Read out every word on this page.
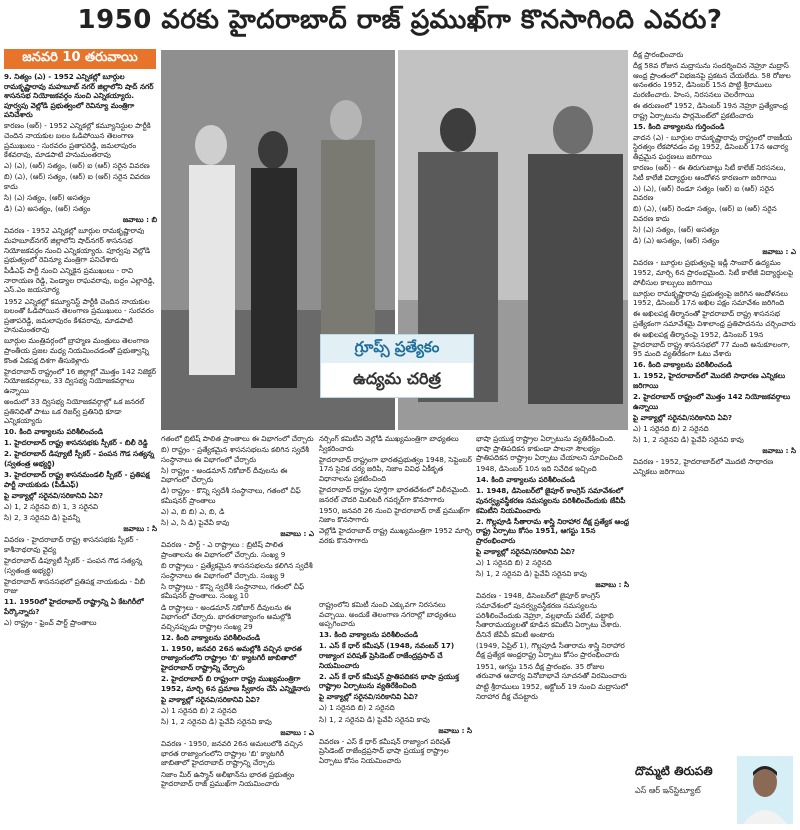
1950 వరకు హైదరాబాద్ రాజ్ ప్రముఖ్‌గా కొనసాగింది ఎవరు?
జనవరి 10 తరువాయి

9. నిత్యం (ఎ) - 1952 ఎన్నికల్లో బూర్గుల రామకృష్ణారావు మహబూబ్ నగర్ జిల్లాలోని షాద్ నగర్ శాసనసభ నియోజకవర్గం నుంచి ఎన్నికయ్యారు. పూర్వపు వెల్లోడి ప్రభుత్వంలో రెవిన్యూ మంత్రిగా పనిచేశారు

కారణం (ఆర్) - 1952 ఎన్నికల్లో కమ్యూనిస్టుల పార్టీకి చెందిన నాయకుల బలం ఓడిపోయిన తెలంగాణ ప్రముఖులు - సురవరం ప్రతాపరెడ్డి, జమలాపురం కేశవరావు, మాడపాటి హనుమంతరావు

ఎ) (ఎ), (ఆర్) సత్యం, (ఆర్) ఐ (ఆర్) సరైన వివరణ

బి) (ఎ), (ఆర్) సత్యం, (ఆర్) ఐ (ఆర్) సరైన వివరణ కాదు

సి) (ఎ) సత్యం, (ఆర్) అసత్యం

డి) (ఎ) అసత్యం, (ఆర్) సత్యం

జవాబు : బి

వివరణ - 1952 ఎన్నికల్లో బూర్గుల రామకృష్ణారావు మహబూబ్‌నగర్ జిల్లాలోని షాద్‌నగర్ శాసనసభ నియోజకవర్గం నుంచి ఎన్నికయ్యారు. పూర్వపు వెల్లోడి ప్రభుత్వంలో రెవిన్యూ మంత్రిగా పనిచేశారు

పీడీఎఫ్ పార్టీ నుంచి ఎన్నికైన ప్రముఖులు - రావి నారాయణ రెడ్డి, పెండ్యాల రాఘవరావు, బద్దం ఎల్లారెడ్డి, ఎస్.ఎం జయసూర్య

1952 ఎన్నికల్లో కమ్యూనిస్ట్ పార్టీకి చెందిన నాయకుల బలంతో ఓడిపోయిన తెలంగాణ ప్రముఖులు - సురవరం ప్రతాపరెడ్డి, జమలాపురం కేశవరావు, మాడపాటి హనుమంతరావు

బూర్గుల మంత్రివర్గంలో బ్రాహ్మణ మంత్రులు తెలంగాణ ప్రాంతీయ ప్రజల మధ్య నియమించడంతో ప్రభుత్వాన్ని కొంత ఏకపక్ష దిశగా తీసుకెళ్లారు

హైదరాబాద్ రాష్ట్రంలో 16 జిల్లాల్లో మొత్తం 142 నిజెక్టర్ నియోజకవర్గాలు, 33 ద్విసభ్య నియోజకవర్గాలు ఉన్నాయి

అందులో 33 ద్విసభ్య నియోజకవర్గాల్లో ఒక జనరల్ ప్రతినిధితో పాటు ఒక రిజర్వ్ ప్రతినిధి కూడా ఎన్నికయ్యారు

10. కింది వాక్యాలను పరిశీలించండి

1. హైదరాబాద్ రాష్ట్ర శాసనసభకు స్పీకర్ - బిలీ రెడ్డి

2. హైదరాబాద్ డిప్యూటీ స్పీకర్ - పంపన గౌడ సత్యన్న (స్వతంత్ర అభ్యర్థి)

3. హైదరాబాద్ రాష్ట్ర శాసనమండలి స్పీకర్ - ప్రతిపక్ష పార్టీ నాయకుడు (పీడీఎఫ్)

పై వాక్యాల్లో సరైనవి/సరికానివి ఏవి?

ఎ) 1, 2 సరైనవి బి) 1, 3 సరైనవి

సి) 2, 3 సరైనవి డి) పైవన్నీ

జవాబు : సి

వివరణ - హైదరాబాద్ రాష్ట్ర శాసనసభకు స్పీకర్ - కాశీనాథరావు వైద్య

హైదరాబాద్ డిప్యూటీ స్పీకర్ - పంపన గౌడ సత్యన్న (స్వతంత్ర అభ్యర్థి)

హైదరాబాద్ శాసనసభలో ప్రతిపక్ష నాయకుడు - వీబీ రాజు

11. 1950లో హైదరాబాద్ రాష్ట్రాన్ని ఏ కేటగిరీలో పేర్కొన్నారు?

ఎ) రాష్ట్రం - ఫ్రెంచ్ పార్ట్ ప్రాంతాలు

గ్రూప్స్ ప్రత్యేకం
ఉద్యమ చరిత్ర

గతంలో బ్రిటిష్ పాలిత ప్రాంతాలు ఈ విభాగంలో చేర్చారు

బి) రాష్ట్రం - ప్రత్యేకమైన శాసనసభలను కలిగిన స్వదేశీ సంస్థానాలు ఈ విభాగంలో చేర్చారు

సి) రాష్ట్రం - అండమాన్ నికోబార్ దీవులను ఈ విభాగంలో చేర్చారు

డి) రాష్ట్రం - కొన్ని స్వదేశీ సంస్థానాలు, గతంలో చీఫ్ కమీషనర్ ప్రాంతాలు

ఎ) ఎ, బి బి) ఎ, బి, డి

సి) ఎ, సి డి) పైవేవీ కావు

జవాబు : ఎ

వివరణ - పార్ట్ - ఎ రాష్ట్రాలు : బ్రిటిష్ పాలిత ప్రాంతాలను ఈ విభాగంలో చేర్చారు. సంఖ్య 9

బి రాష్ట్రాలు - ప్రత్యేకమైన శాసనసభలను కలిగిన స్వదేశీ సంస్థానాలు ఈ విభాగంలో చేర్చారు. సంఖ్య 9

సి రాష్ట్రాలు - కొన్ని స్వదేశీ సంస్థానాలు, గతంలో చీఫ్ కమీషనర్ ప్రాంతాలు. సంఖ్య 10

డి రాష్ట్రాలు - అండమాన్ నికోబార్ దీవులను ఈ విభాగంలో చేర్చారు. భారతరాజ్యాంగం అమల్లోకి వచ్చినప్పుడు రాష్ట్రాల సంఖ్య 29

12. కింది వాక్యాలను పరిశీలించండి

1. 1950, జనవరి 26న అమల్లోకి వచ్చిన భారత రాజ్యాంగంలోని రాష్ట్రాల 'బి' క్యాటగిరీ జాబితాలో హైదరాబాద్ రాష్ట్రాన్ని చేర్చారు

2. హైదరాబాద్ బి రాష్ట్రంగా రాష్ట్ర ముఖ్యమంత్రిగా 1952, మార్చి 6న ప్రమాణ స్వీకారం చేసి ఎన్నికైనారు

పై వాక్యాల్లో సరైనవి/సరికానివి ఏవి?

ఎ) 1 సరైనది బి) 2 సరైనది

సి) 1, 2 సరైనవి డి) పైవేవీ సరైనవి కావు

జవాబు : ఎ

వివరణ - 1950, జనవరి 26న అమలులోకి వచ్చిన భారత రాజ్యాంగంలోని రాష్ట్రాల 'బి' క్యాటగిరీ జాబితాలో హైదరాబాద్ రాష్ట్రాన్ని చేర్చారు

నిజాం మీర్ ఉస్మాన్ అలీఖాన్‌ను భారత ప్రభుత్వం హైదరాబాద్ రాజ్ ప్రముఖ్‌గా నియమించారు

నర్సింగ్ కమిటీని వెల్లోడి ముఖ్యమంత్రిగా బాధ్యతలు స్వీకరించారు

హైదరాబాద్ రాష్ట్రంగా భారతప్రభుత్వం 1948, సెప్టెంబర్ 17న సైనిక చర్య జరిపి, నిజాం వివిధ ఏకీకృత విధానాలను ప్రకటించింది

హైదరాబాద్ రాష్ట్రం పూర్తిగా భారతదేశంలో విలీనమైంది. జనరల్ చౌదరి మిలిటరీ గవర్నర్‌గా కొనసాగారు

1950, జనవరి 26 నుంచి హైదరాబాద్ రాజ్ ప్రముఖ్‌గా నిజాం కొనసాగారు

వెల్లోడి హైదరాబాద్ రాష్ట్ర ముఖ్యమంత్రిగా 1952 మార్చి వరకు కొనసాగారు

రాష్ట్రంలోని కమిటీ నుంచి ఎక్కువగా నిరసనలు వచ్చాయి. అందుకే తెలంగాణ నగరాల్లో బాధ్యతలు అప్పగించారు

13. కింది వాక్యాలను పరిశీలించండి

1. ఎస్ కే ధార్ కమీషన్ (1948, నవంబర్ 17) రాజ్యాంగ పరిషత్ ప్రెసిడెంట్ రాజేంద్రప్రసాద్ చే నియమించారు

2. ఎస్ కే ధార్ కమీషన్ ప్రాతిపదికన భాషా ప్రయుక్త రాష్ట్రాల ఏర్పాటును వ్యతిరేకించింది

పై వాక్యాల్లో సరైనవి/సరికానివి ఏవి?

ఎ) 1 సరైనది బి) 2 సరైనది

సి) 1, 2 సరైనవి డి) పైవేవీ సరైనవి కావు

జవాబు : సి

వివరణ - ఎస్ కే ధార్ కమీషన్ రాజ్యాంగ పరిషత్ ప్రెసిడెంట్ రాజేంద్రప్రసాద్ భాషా ప్రయుక్త రాష్ట్రాల ఏర్పాటు కోసం నియమించారు

భాషా ప్రయుక్త రాష్ట్రాల ఏర్పాటును వ్యతిరేకించింది. భాషా ప్రాతిపదికన కాకుండా పాలనా సౌలభ్యం ప్రాతిపదికన రాష్ట్రాల ఏర్పాటు చేయాలని సూచించింది

1948, డిసెంబర్ 10న ఇది నివేదిక ఇచ్చింది

14. కింది వాక్యాలను పరిశీలించండి

1. 1948, డిసెంబర్‌లో జైపూర్ కాంగ్రెస్ సమావేశంలో పునర్వ్యవస్థీకరణ సమస్యలను పరిశీలించేందుకు జేవీపీ కమిటీని నియమించారు

2. గొల్లపూడి సీతారామ శాస్త్రి నిరాహార దీక్ష ప్రత్యేక ఆంధ్ర రాష్ట్ర ఏర్పాటు కోసం 1951, ఆగస్టు 15న ప్రారంభించారు

పై వాక్యాల్లో సరైనవి/సరికానివి ఏవి?

ఎ) 1 సరైనది బి) 2 సరైనది

సి) 1, 2 సరైనవి డి) పైవేవీ సరైనవి కావు

జవాబు : సి

వివరణ - 1948, డిసెంబర్‌లో జైపూర్ కాంగ్రెస్ సమావేశంలో పునర్వ్యవస్థీకరణ సమస్యలను పరిశీలించేందుకు నెహ్రూ, వల్లభాయ్ పటేల్, పట్టాభి సీతారామయ్యలతో కూడిన కమిటీని ఏర్పాటు చేశారు. దీనినే జేవీపీ కమిటీ అంటారు

(1949, ఏప్రిల్ 1), గొల్లపూడి సీతారామ శాస్త్రి నిరాహార దీక్ష ప్రత్యేక ఆంధ్రరాష్ట్ర ఏర్పాటు కోసం ప్రారంభించారు

1951, ఆగస్టు 15న దీక్ష ప్రారంభం. 35 రోజుల తరువాత ఆచార్య వినోబాభావే సూచనతో విరమించారు

పొట్టి శ్రీరాములు 1952, అక్టోబర్ 19 నుంచి మద్రాసులో నిరాహార దీక్ష చేపట్టారు

దీక్ష ప్రారంభించారు

దీక్ష 58వ రోజున మద్రాసును సందర్శించిన నెహ్రూ మద్రాస్ ఆంధ్ర ప్రాంతంలో విభజనపై ప్రకటన చేయలేదు. 58 రోజుల అనంతరం 1952, డిసెంబర్ 15న పొట్టి శ్రీరాములు మరణించారు. హింస, నిరసనలు చెలరేగాయి

ఈ తరుణంలో 1952, డిసెంబర్ 19న నెహ్రూ ప్రత్యేకాంధ్ర రాష్ట్ర ఏర్పాటును పార్లమెంట్‌లో ప్రకటించారు

15. కింది వాక్యాలను గుర్తించండి

వాదన (ఎ) - బూర్గుల రామకృష్ణారావు రాష్ట్రంలో రాజకీయ స్థిరత్వం లేకపోవడం వల్ల 1952, డిసెంబర్ 17న ఆచార్య తీవ్రమైన ఘర్షణలు జరిగాయి

కారణం (ఆర్) - ఈ తిరుగుబాట్లు సిటీ కాలేజ్ నిరసనలు, సిటీ కాలేజీ విద్యార్థుల ఆందోళన కారణంగా జరిగాయి

ఎ) (ఎ), (ఆర్) రెండూ సత్యం (ఆర్) ఐ (ఆర్) సరైన వివరణ

బి) (ఎ), (ఆర్) రెండూ సత్యం, (ఆర్) ఐ (ఆర్) సరైన వివరణ కాదు

సి) (ఎ) సత్యం, (ఆర్) అసత్యం

డి) (ఎ) అసత్యం, (ఆర్) సత్యం

జవాబు : ఎ

వివరణ - బూర్గుల ప్రభుత్వంపై ఇడ్లీ సాంబార్ ఉద్యమం 1952, మార్చి 6న ప్రారంభమైంది. సిటీ కాలేజీ విద్యార్థులపై పోలీసుల కాల్పులు జరిగాయి

బూర్గుల రామకృష్ణారావు ప్రభుత్వంపై జరిగిన ఆందోళనలు 1952, డిసెంబర్ 17న అఖిల పక్షం సమావేశం జరిగింది

ఈ అఖిలపక్ష తీర్మానంతో హైదరాబాద్ రాష్ట్ర శాసనసభ ప్రత్యేకంగా సమావేశమై విశాలాంధ్ర ప్రతిపాదనను చర్చించారు

ఈ అఖిలపక్ష తీర్మానంపై 1952, డిసెంబర్ 19న హైదరాబాద్ రాష్ట్ర శాసనసభలో 77 మంది అనుకూలంగా, 95 మంది వ్యతిరేకంగా ఓటు వేశారు

16. కింది వాక్యాలను పరిశీలించండి

1. 1952, హైదరాబాద్‌లో మొదటి సాధారణ ఎన్నికలు జరిగాయి

2. హైదరాబాద్ రాష్ట్రంలో మొత్తం 142 నియోజకవర్గాలు ఉన్నాయి

పై వాక్యాల్లో సరైనవి/సరికానివి ఏవి?

ఎ) 1 సరైనది బి) 2 సరైనది

సి) 1, 2 సరైనవి డి) పైవేవీ సరైనవి కావు

జవాబు : సి

వివరణ - 1952, హైదరాబాద్‌లో మొదటి సాధారణ ఎన్నికలు జరిగాయి

దొమ్మటి తిరుపతి
ఎస్ ఆర్ ఇన్‌స్టిట్యూట్
